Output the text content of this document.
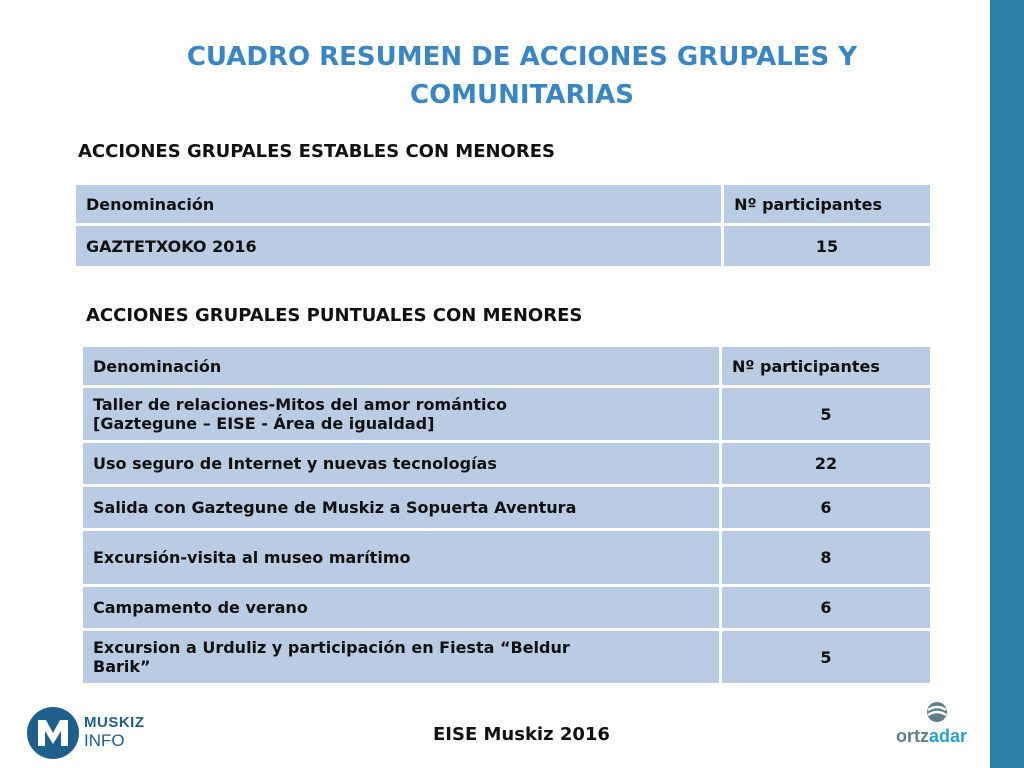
CUADRO RESUMEN DE ACCIONES GRUPALES Y
COMUNITARIAS
ACCIONES GRUPALES ESTABLES CON MENORES
Denominación	Nº participantes
GAZTETXOKO 2016	15
ACCIONES GRUPALES PUNTUALES CON MENORES
Denominación	Nº participantes

Taller de relaciones-Mitos del amor romántico
[Gaztegune – EISE - Área de igualdad]	5
Uso seguro de Internet y nuevas tecnologías	22
Salida con Gaztegune de Muskiz a Sopuerta Aventura	6
Excursión-visita al museo marítimo	8
Campamento de verano	6

Excursion a Urduliz y participación en Fiesta “Beldur
Barik”	5
MUSKIZ
INFO	EISE Muskiz 2016	ortzadar
